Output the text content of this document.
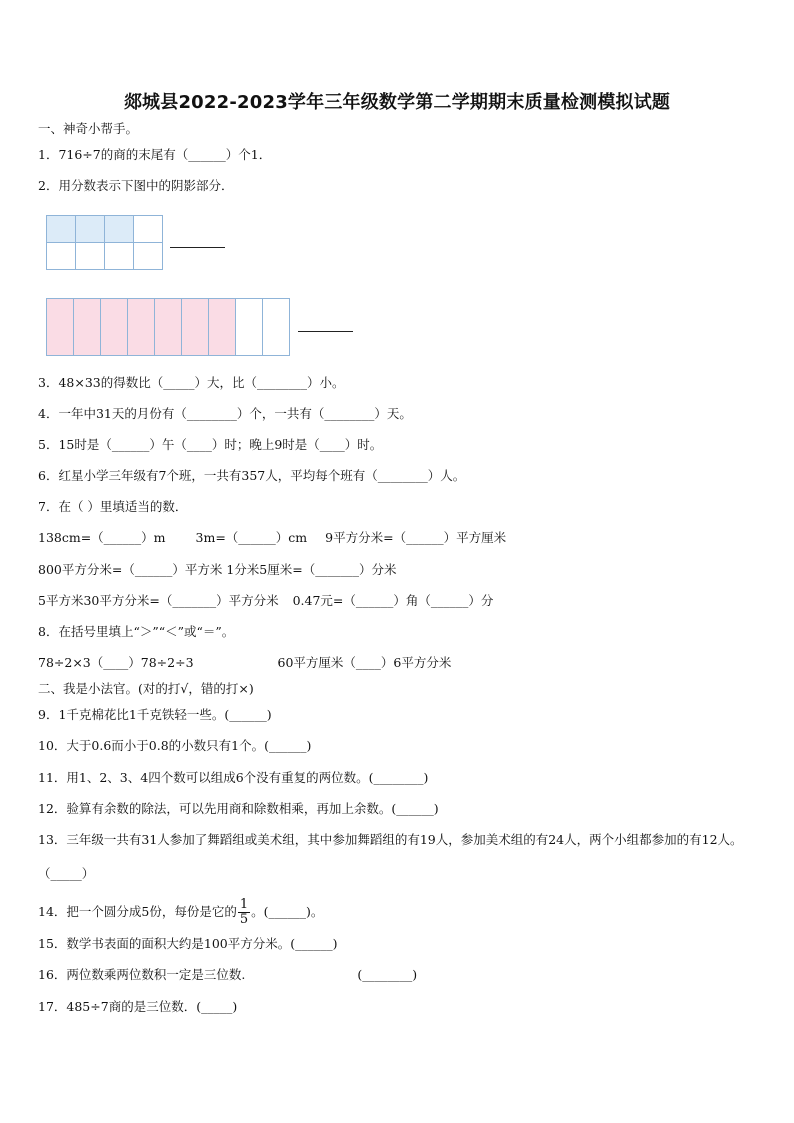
郯城县2022-2023学年三年级数学第二学期期末质量检测模拟试题
一、神奇小帮手。
1．716÷7的商的末尾有（______）个1．
2．用分数表示下图中的阴影部分．

3．48×33的得数比（_____）大，比（________）小。
4．一年中31天的月份有（________）个，一共有（________）天。
5．15时是（______）午（____）时；晚上9时是（____）时。
6．红星小学三年级有7个班，一共有357人，平均每个班有（________）人。
7．在（ ）里填适当的数．
138cm=（______）m 3m=（______）cm 9平方分米=（______）平方厘米
800平方分米=（______）平方米 1分米5厘米=（_______）分米
5平方米30平方分米=（_______）平方分米 0.47元=（______）角（______）分
8．在括号里填上“＞”“＜”或“＝”。
78÷2×3（____）78÷2÷3	60平方厘米（____）6平方分米
二、我是小法官。(对的打√，错的打×)
9．1千克棉花比1千克铁轻一些。(______)
10．大于0.6而小于0.8的小数只有1个。(______)
11．用1、2、3、4四个数可以组成6个没有重复的两位数。(________)
12．验算有余数的除法，可以先用商和除数相乘，再加上余数。(______)
13．三年级一共有31人参加了舞蹈组或美术组，其中参加舞蹈组的有19人，参加美术组的有24人，两个小组都参加的有12人。　　（_____）
14．把一个圆分成5份，每份是它的 $\frac{1}{5}$ 。(______)。
15．数学书表面的面积大约是100平方分米。(______)
16．两位数乘两位数积一定是三位数.	(________)
17．485÷7商的是三位数．(_____)
